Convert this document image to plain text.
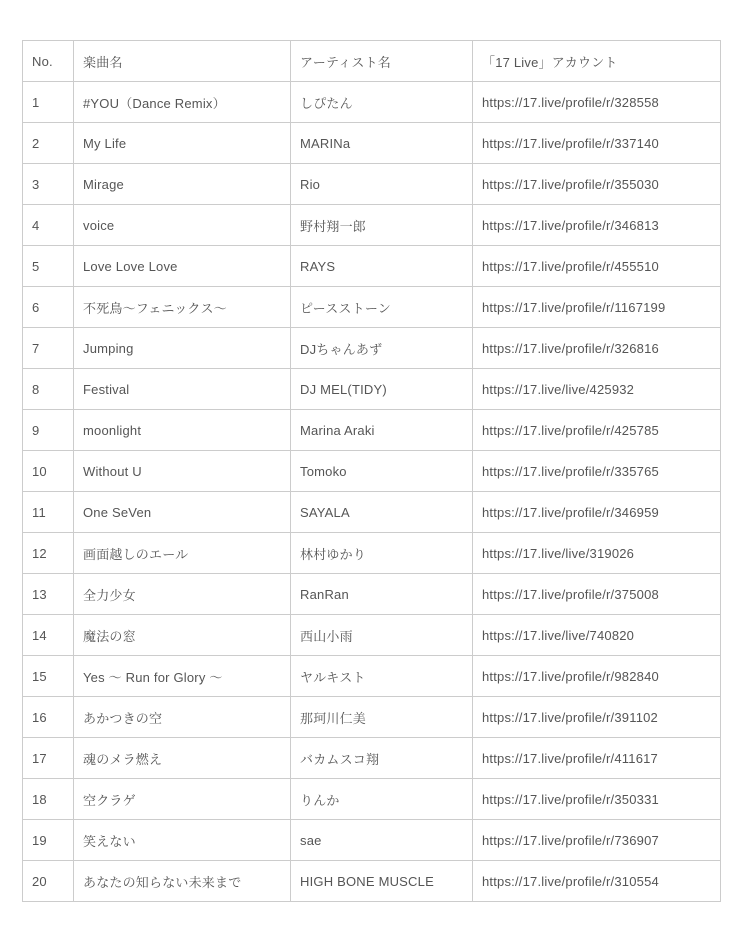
No.	楽曲名	アーティスト名	「17 Live」アカウント
1	#YOU（Dance Remix）	しぴたん	https://17.live/profile/r/328558
2	My Life	MARINa	https://17.live/profile/r/337140
3	Mirage	Rio	https://17.live/profile/r/355030
4	voice	野村翔一郎	https://17.live/profile/r/346813
5	Love Love Love	RAYS	https://17.live/profile/r/455510
6	不死鳥〜フェニックス〜	ピースストーン	https://17.live/profile/r/1167199
7	Jumping	DJちゃんあず	https://17.live/profile/r/326816
8	Festival	DJ MEL(TIDY)	https://17.live/live/425932
9	moonlight	Marina Araki	https://17.live/profile/r/425785
10	Without U	Tomoko	https://17.live/profile/r/335765
11	One SeVen	SAYALA	https://17.live/profile/r/346959
12	画面越しのエール	林村ゆかり	https://17.live/live/319026
13	全力少女	RanRan	https://17.live/profile/r/375008
14	魔法の窓	西山小雨	https://17.live/live/740820
15	Yes 〜 Run for Glory 〜	ヤルキスト	https://17.live/profile/r/982840
16	あかつきの空	那珂川仁美	https://17.live/profile/r/391102
17	魂のメラ燃え	バカムスコ翔	https://17.live/profile/r/411617
18	空クラゲ	りんか	https://17.live/profile/r/350331
19	笑えない	sae	https://17.live/profile/r/736907
20	あなたの知らない未来まで	HIGH BONE MUSCLE	https://17.live/profile/r/310554
